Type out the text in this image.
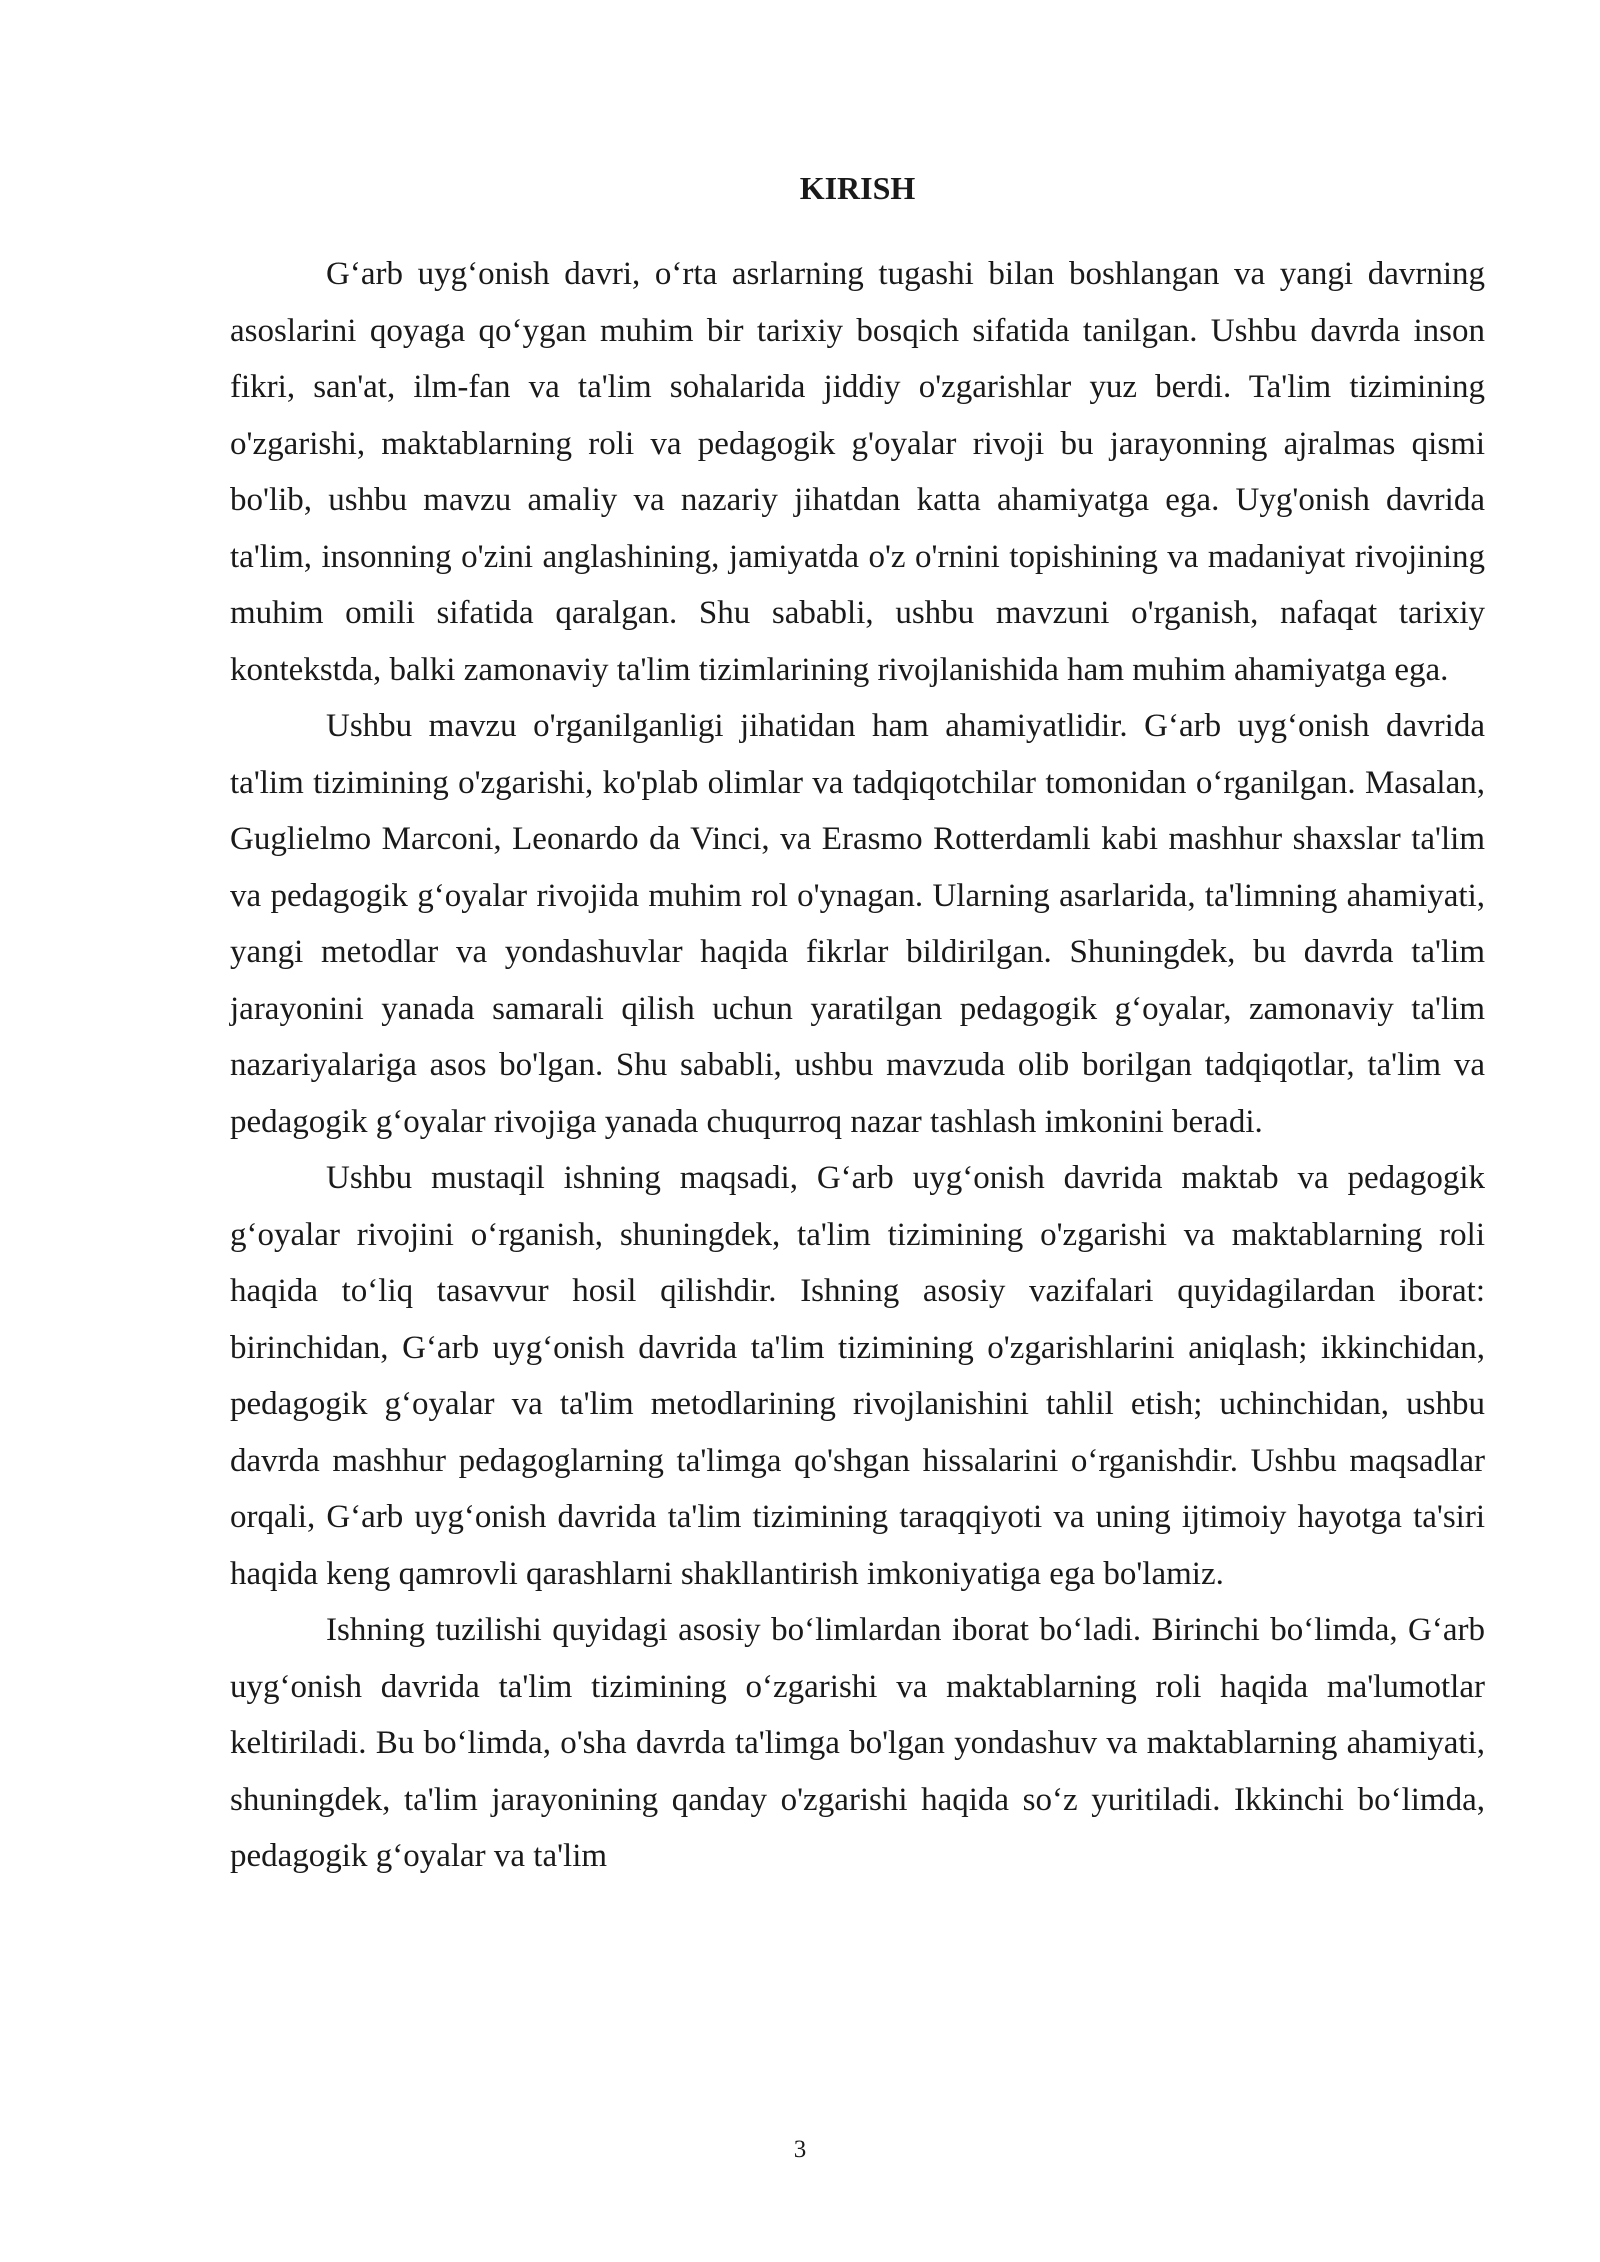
KIRISH

G‘arb uyg‘onish davri, o‘rta asrlarning tugashi bilan boshlangan va yangi davrning asoslarini qoyaga qo‘ygan muhim bir tarixiy bosqich sifatida tanilgan. Ushbu davrda inson fikri, san'at, ilm-fan va ta'lim sohalarida jiddiy o'zgarishlar yuz berdi. Ta'lim tizimining o'zgarishi, maktablarning roli va pedagogik g'oyalar rivoji bu jarayonning ajralmas qismi bo'lib, ushbu mavzu amaliy va nazariy jihatdan katta ahamiyatga ega. Uyg'onish davrida ta'lim, insonning o'zini anglashining, jamiyatda o'z o'rnini topishining va madaniyat rivojining muhim omili sifatida qaralgan. Shu sababli, ushbu mavzuni o'rganish, nafaqat tarixiy kontekstda, balki zamonaviy ta'lim tizimlarining rivojlanishida ham muhim ahamiyatga ega.

Ushbu mavzu o'rganilganligi jihatidan ham ahamiyatlidir. G‘arb uyg‘onish davrida ta'lim tizimining o'zgarishi, ko'plab olimlar va tadqiqotchilar tomonidan o‘rganilgan. Masalan, Guglielmo Marconi, Leonardo da Vinci, va Erasmo Rotterdamli kabi mashhur shaxslar ta'lim va pedagogik g‘oyalar rivojida muhim rol o'ynagan. Ularning asarlarida, ta'limning ahamiyati, yangi metodlar va yondashuvlar haqida fikrlar bildirilgan. Shuningdek, bu davrda ta'lim jarayonini yanada samarali qilish uchun yaratilgan pedagogik g‘oyalar, zamonaviy ta'lim nazariyalariga asos bo'lgan. Shu sababli, ushbu mavzuda olib borilgan tadqiqotlar, ta'lim va pedagogik g‘oyalar rivojiga yanada chuqurroq nazar tashlash imkonini beradi.

Ushbu mustaqil ishning maqsadi, G‘arb uyg‘onish davrida maktab va pedagogik g‘oyalar rivojini o‘rganish, shuningdek, ta'lim tizimining o'zgarishi va maktablarning roli haqida to‘liq tasavvur hosil qilishdir. Ishning asosiy vazifalari quyidagilardan iborat: birinchidan, G‘arb uyg‘onish davrida ta'lim tizimining o'zgarishlarini aniqlash; ikkinchidan, pedagogik g‘oyalar va ta'lim metodlarining rivojlanishini tahlil etish; uchinchidan, ushbu davrda mashhur pedagoglarning ta'limga qo'shgan hissalarini o‘rganishdir. Ushbu maqsadlar orqali, G‘arb uyg‘onish davrida ta'lim tizimining taraqqiyoti va uning ijtimoiy hayotga ta'siri haqida keng qamrovli qarashlarni shakllantirish imkoniyatiga ega bo'lamiz.

Ishning tuzilishi quyidagi asosiy bo‘limlardan iborat bo‘ladi. Birinchi bo‘limda, G‘arb uyg‘onish davrida ta'lim tizimining o‘zgarishi va maktablarning roli haqida ma'lumotlar keltiriladi. Bu bo‘limda, o'sha davrda ta'limga bo'lgan yondashuv va maktablarning ahamiyati, shuningdek, ta'lim jarayonining qanday o'zgarishi haqida so‘z yuritiladi. Ikkinchi bo‘limda, pedagogik g‘oyalar va ta'lim

3
